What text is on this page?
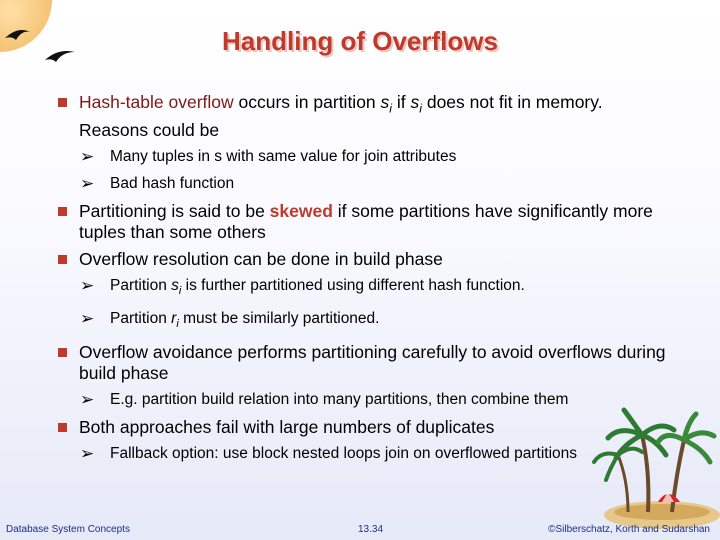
Handling of Overflows
Hash-table overflow occurs in partition $s_i$ if $s_i$ does not fit in memory. Reasons could be
➢ Many tuples in s with same value for join attributes
➢ Bad hash function
Partitioning is said to be skewed if some partitions have significantly more tuples than some others
Overflow resolution can be done in build phase
➢ Partition $s_i$ is further partitioned using different hash function.
➢ Partition $r_i$ must be similarly partitioned.
Overflow avoidance performs partitioning carefully to avoid overflows during build phase
➢ E.g. partition build relation into many partitions, then combine them
Both approaches fail with large numbers of duplicates
➢ Fallback option: use block nested loops join on overflowed partitions
Database System Concepts	13.34	©Silberschatz, Korth and Sudarshan
